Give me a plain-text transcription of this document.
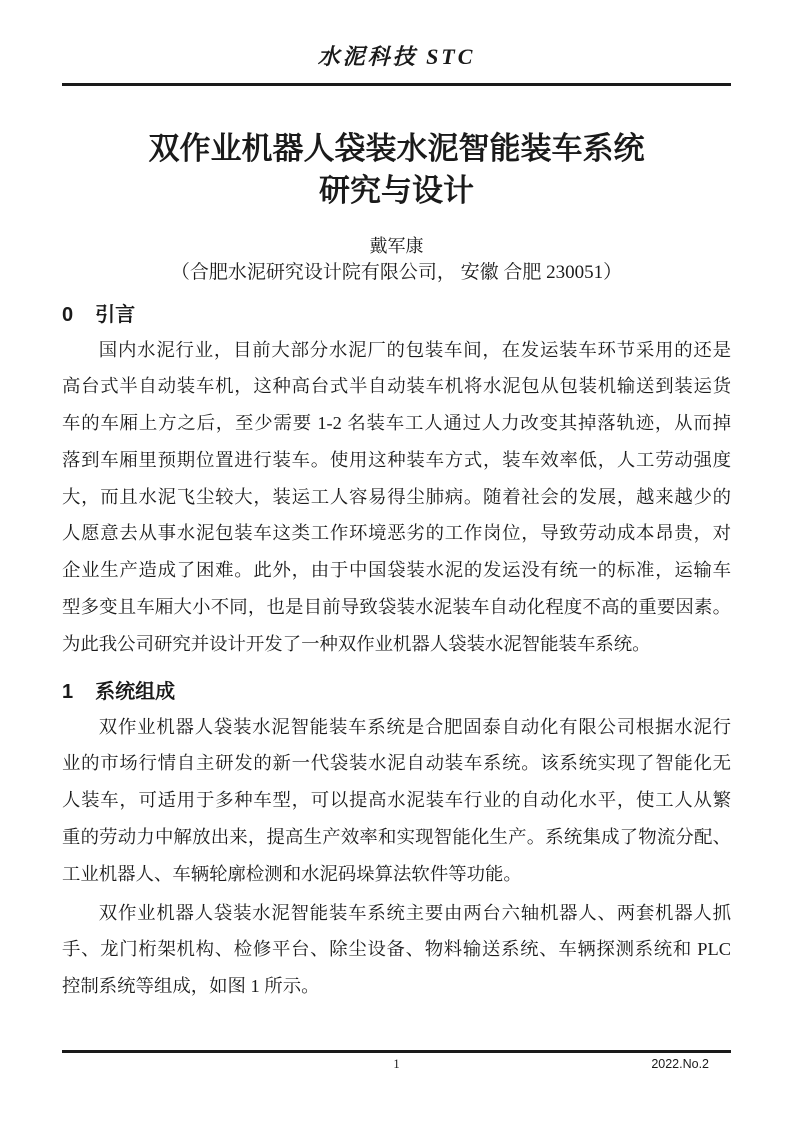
水泥科技 STC
双作业机器人袋装水泥智能装车系统
研究与设计
戴军康
（合肥水泥研究设计院有限公司， 安徽 合肥 230051）
0 引言
国内水泥行业，目前大部分水泥厂的包装车间，在发运装车环节采用的还是
高台式半自动装车机，这种高台式半自动装车机将水泥包从包装机输送到装运货
车的车厢上方之后，至少需要 1-2 名装车工人通过人力改变其掉落轨迹，从而掉
落到车厢里预期位置进行装车。使用这种装车方式，装车效率低，人工劳动强度
大，而且水泥飞尘较大，装运工人容易得尘肺病。随着社会的发展，越来越少的
人愿意去从事水泥包装车这类工作环境恶劣的工作岗位，导致劳动成本昂贵，对
企业生产造成了困难。此外，由于中国袋装水泥的发运没有统一的标准，运输车
型多变且车厢大小不同，也是目前导致袋装水泥装车自动化程度不高的重要因素。
为此我公司研究并设计开发了一种双作业机器人袋装水泥智能装车系统。
1 系统组成
双作业机器人袋装水泥智能装车系统是合肥固泰自动化有限公司根据水泥行
业的市场行情自主研发的新一代袋装水泥自动装车系统。该系统实现了智能化无
人装车，可适用于多种车型，可以提高水泥装车行业的自动化水平，使工人从繁
重的劳动力中解放出来，提高生产效率和实现智能化生产。系统集成了物流分配、
工业机器人、车辆轮廓检测和水泥码垛算法软件等功能。
双作业机器人袋装水泥智能装车系统主要由两台六轴机器人、两套机器人抓
手、龙门桁架机构、检修平台、除尘设备、物料输送系统、车辆探测系统和 PLC
控制系统等组成，如图 1 所示。
1	2022.No.2
